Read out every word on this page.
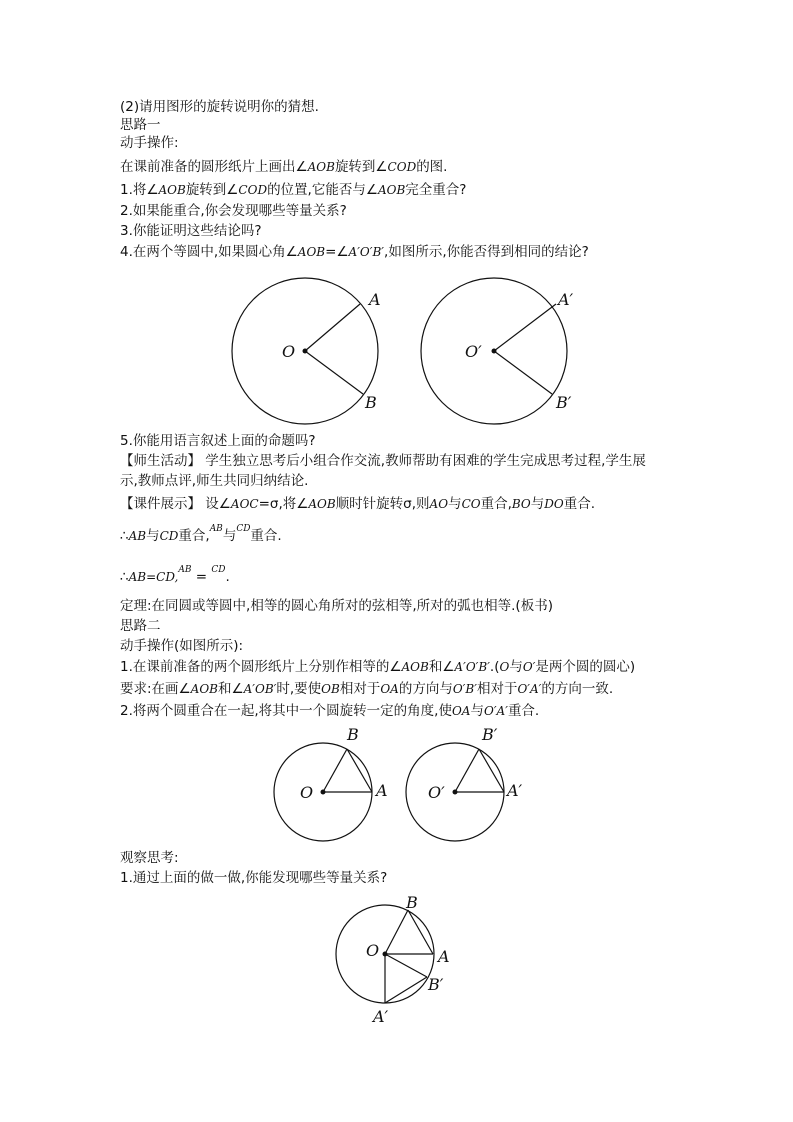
(2)请用图形的旋转说明你的猜想.
思路一
动手操作:
在课前准备的圆形纸片上画出∠AOB旋转到∠COD的图.
1.将∠AOB旋转到∠COD的位置,它能否与∠AOB完全重合?
2.如果能重合,你会发现哪些等量关系?
3.你能证明这些结论吗?
4.在两个等圆中,如果圆心角∠AOB=∠A′O′B′,如图所示,你能否得到相同的结论?
O
A
B
O′
A′
B′
5.你能用语言叙述上面的命题吗?
【师生活动】 学生独立思考后小组合作交流,教师帮助有困难的学生完成思考过程,学生展
示,教师点评,师生共同归纳结论.
【课件展示】 设∠AOC=σ,将∠AOB顺时针旋转σ,则AO与CO重合,BO与DO重合.
∴AB与CD重合,$^{AB}$与$^{CD}$重合.
∴AB=CD,$^{AB}$ = $^{CD}$.
定理:在同圆或等圆中,相等的圆心角所对的弦相等,所对的弧也相等.(板书)
思路二
动手操作(如图所示):
1.在课前准备的两个圆形纸片上分别作相等的∠AOB和∠A′O′B′.(O与O′是两个圆的圆心)
要求:在画∠AOB和∠A′OB′时,要使OB相对于OA的方向与O′B′相对于O′A′的方向一致.
2.将两个圆重合在一起,将其中一个圆旋转一定的角度,使OA与O′A′重合.
O	A
B
O′	A′
B′
观察思考:
1.通过上面的做一做,你能发现哪些等量关系?
O	A
B
B′
A′
